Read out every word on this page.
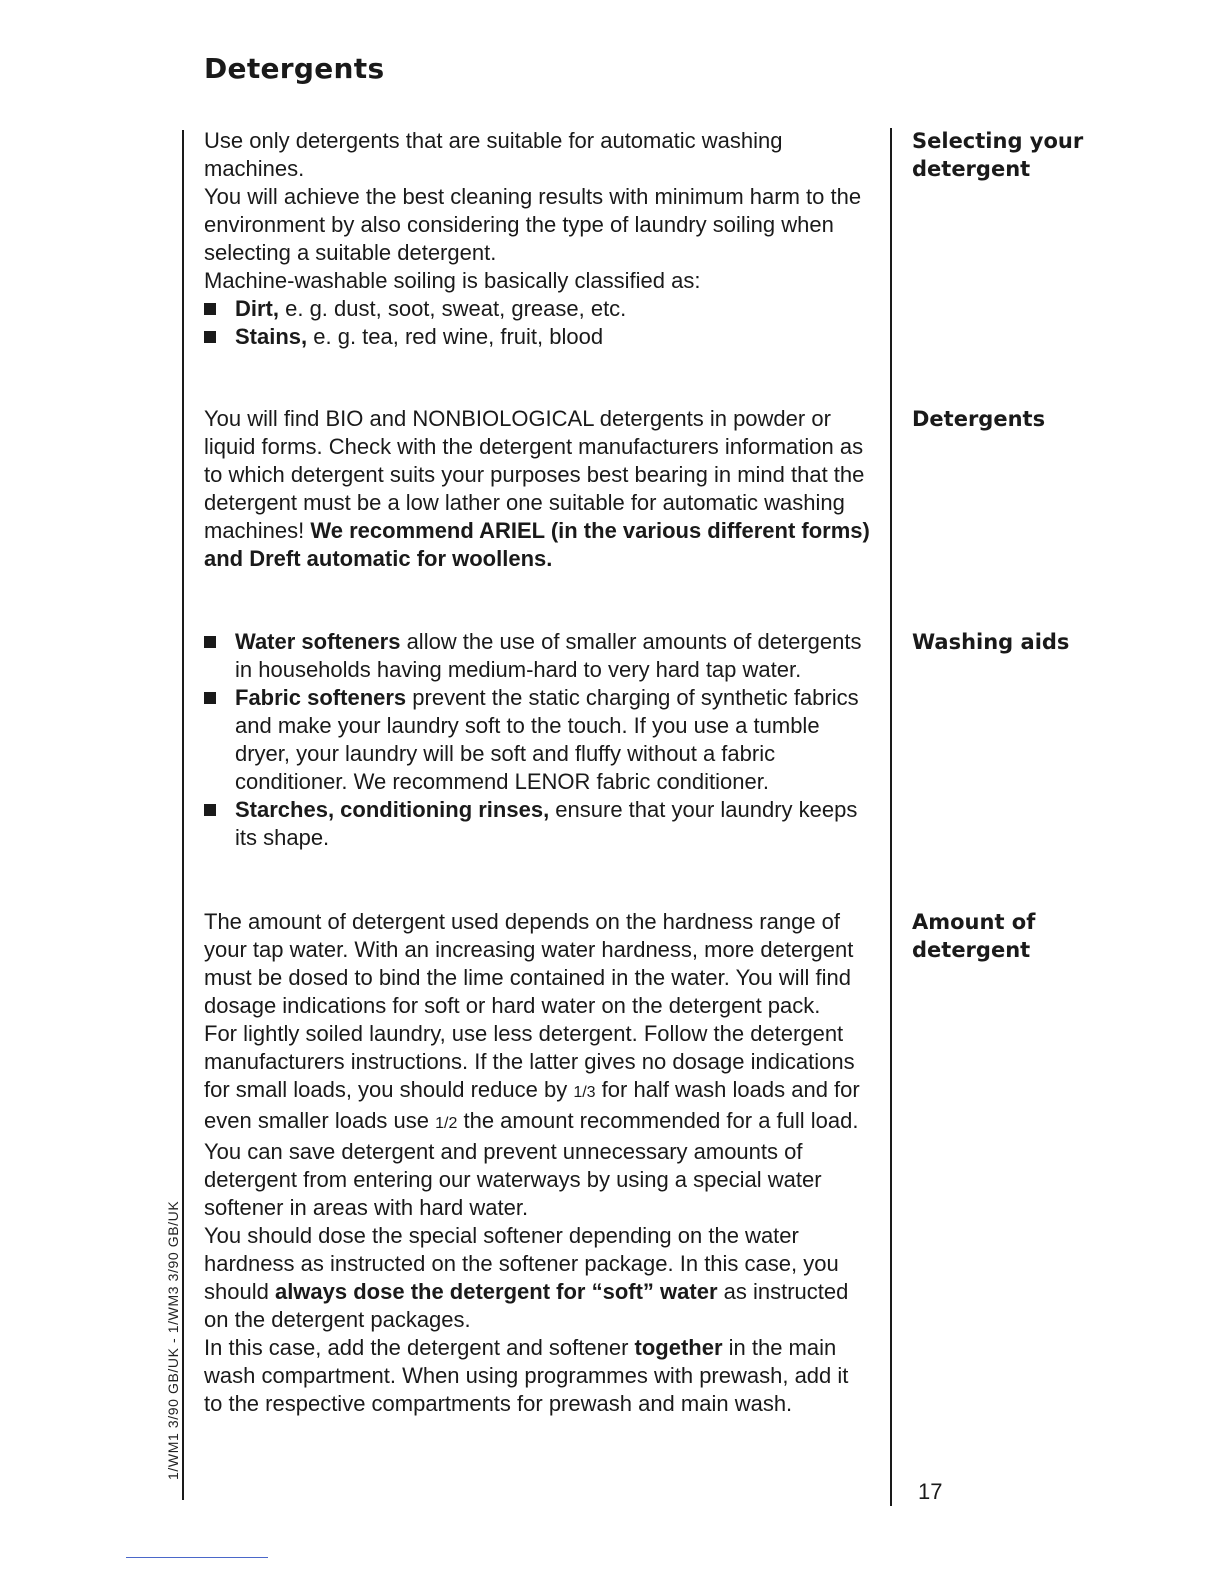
Detergents
1/WM1 3/90 GB/UK - 1/WM3 3/90 GB/UK

Use only detergents that are suitable for automatic washing machines.

You will achieve the best cleaning results with minimum harm to the environment by also considering the type of laundry soiling when selecting a suitable detergent.

Machine-washable soiling is basically classified as:

Dirt, e. g. dust, soot, sweat, grease, etc.
Stains, e. g. tea, red wine, fruit, blood
Selecting your detergent

You will find BIO and NONBIOLOGICAL detergents in powder or liquid forms. Check with the detergent manufacturers information as to which detergent suits your purposes best bearing in mind that the detergent must be a low lather one suitable for automatic washing machines! We recommend ARIEL (in the various different forms) and Dreft automatic for woollens.

Detergents
Water softeners allow the use of smaller amounts of detergents in households having medium-hard to very hard tap water.
Fabric softeners prevent the static charging of synthetic fabrics and make your laundry soft to the touch. If you use a tumble dryer, your laundry will be soft and fluffy without a fabric conditioner. We recommend LENOR fabric conditioner.
Starches, conditioning rinses, ensure that your laundry keeps its shape.
Washing aids

The amount of detergent used depends on the hardness range of your tap water. With an increasing water hardness, more detergent must be dosed to bind the lime contained in the water. You will find dosage indications for soft or hard water on the detergent pack.

For lightly soiled laundry, use less detergent. Follow the detergent manufacturers instructions. If the latter gives no dosage indications for small loads, you should reduce by 1/3 for half wash loads and for even smaller loads use 1/2 the amount recommended for a full load.

You can save detergent and prevent unnecessary amounts of detergent from entering our waterways by using a special water softener in areas with hard water.

You should dose the special softener depending on the water hardness as instructed on the softener package. In this case, you should always dose the detergent for “soft” water as instructed on the detergent packages.

In this case, add the detergent and softener together in the main wash compartment. When using programmes with prewash, add it to the respective compartments for prewash and main wash.

Amount of detergent
17
